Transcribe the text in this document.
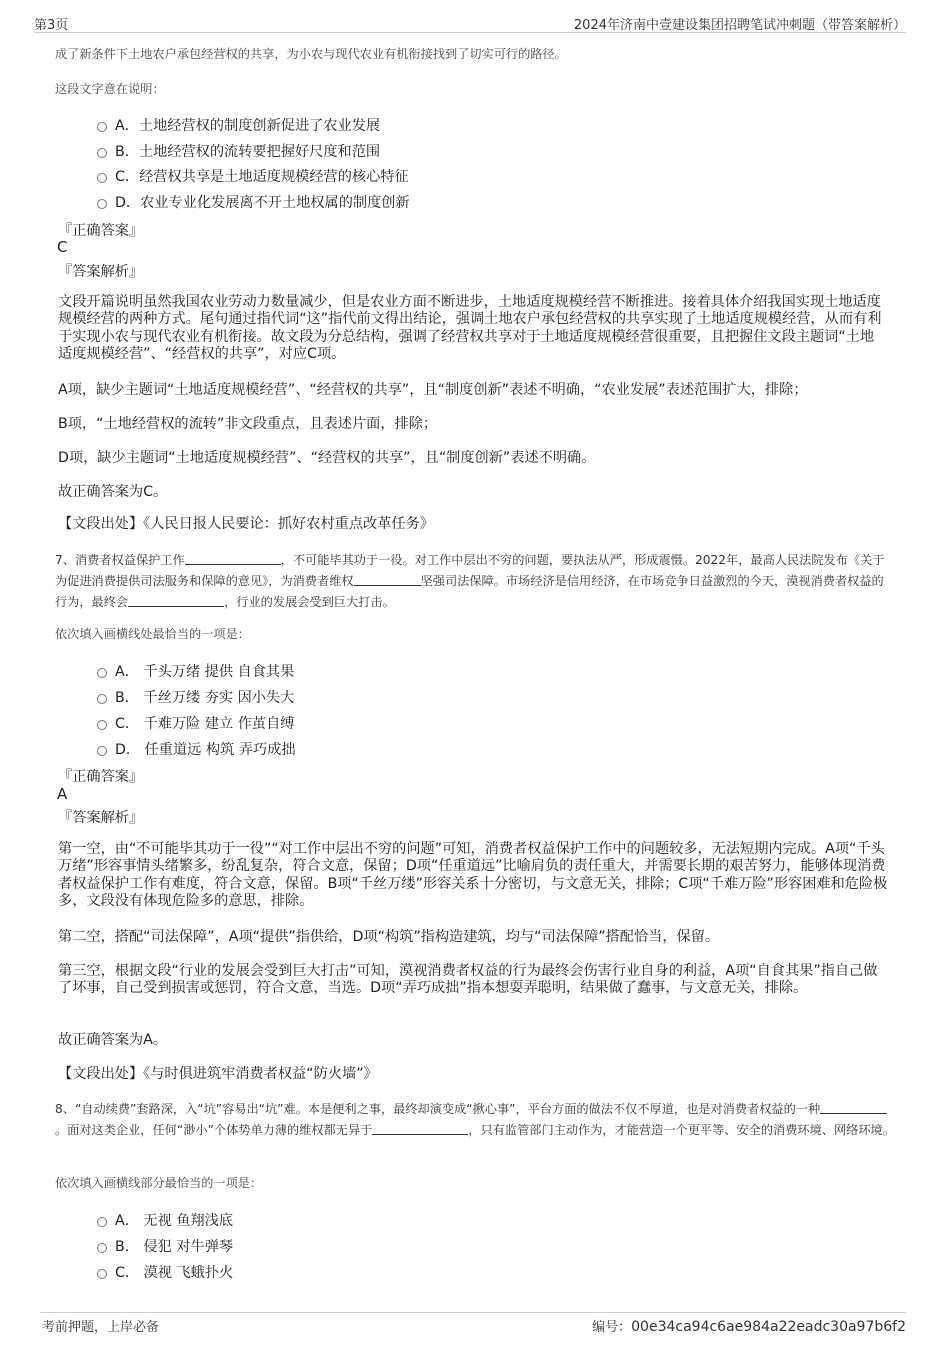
第3页	2024年济南中壹建设集团招聘笔试冲刺题（带答案解析）
成了新条件下土地农户承包经营权的共享，为小农与现代农业有机衔接找到了切实可行的路径。
这段文字意在说明：
A．土地经营权的制度创新促进了农业发展
B．土地经营权的流转要把握好尺度和范围
C．经营权共享是土地适度规模经营的核心特征
D．农业专业化发展离不开土地权属的制度创新
『正确答案』
C
『答案解析』
文段开篇说明虽然我国农业劳动力数量减少，但是农业方面不断进步，土地适度规模经营不断推进。接着具体介绍我国实现土地适度规模经营的两种方式。尾句通过指代词“这”指代前文得出结论，强调土地农户承包经营权的共享实现了土地适度规模经营，从而有利于实现小农与现代农业有机衔接。故文段为分总结构，强调了经营权共享对于土地适度规模经营很重要，且把握住文段主题词“土地适度规模经营”、“经营权的共享”，对应C项。
A项，缺少主题词“土地适度规模经营”、“经营权的共享”，且“制度创新”表述不明确，“农业发展”表述范围扩大，排除；
B项，“土地经营权的流转”非文段重点，且表述片面，排除；
D项，缺少主题词“土地适度规模经营”、“经营权的共享”，且“制度创新”表述不明确。
故正确答案为C。
【文段出处】《人民日报人民要论：抓好农村重点改革任务》
7、消费者权益保护工作	，不可能毕其功于一役。对工作中层出不穷的问题，要执法从严，形成震慑。2022年，最高人民法院发布《关于为促进消费提供司法服务和保障的意见》，为消费者维权	坚强司法保障。市场经济是信用经济，在市场竞争日益激烈的今天，漠视消费者权益的行为，最终会	，行业的发展会受到巨大打击。
依次填入画横线处最恰当的一项是：
A． 千头万绪 提供 自食其果
B． 千丝万缕 夯实 因小失大
C． 千难万险 建立 作茧自缚
D． 任重道远 构筑 弄巧成拙
『正确答案』
A
『答案解析』
第一空，由“不可能毕其功于一役”“对工作中层出不穷的问题”可知，消费者权益保护工作中的问题较多，无法短期内完成。A项“千头万绪”形容事情头绪繁多，纷乱复杂，符合文意，保留；D项“任重道远”比喻肩负的责任重大，并需要长期的艰苦努力，能够体现消费者权益保护工作有难度，符合文意，保留。B项“千丝万缕”形容关系十分密切，与文意无关，排除；C项“千难万险”形容困难和危险极多，文段没有体现危险多的意思，排除。
第二空，搭配“司法保障”，A项“提供”指供给，D项“构筑”指构造建筑，均与“司法保障”搭配恰当，保留。
第三空，根据文段“行业的发展会受到巨大打击”可知，漠视消费者权益的行为最终会伤害行业自身的利益，A项“自食其果”指自己做了坏事，自己受到损害或惩罚，符合文意，当选。D项“弄巧成拙”指本想耍弄聪明，结果做了蠢事，与文意无关，排除。
故正确答案为A。
【文段出处】《与时俱进筑牢消费者权益“防火墙”》
8、“自动续费”套路深，入“坑”容易出“坑”难。本是便利之事，最终却演变成“揪心事”，平台方面的做法不仅不厚道，也是对消费者权益的一种。面对这类企业，任何“渺小”个体势单力薄的维权都无异于	，只有监管部门主动作为，才能营造一个更平等、安全的消费环境、网络环境。
依次填入画横线部分最恰当的一项是：
A． 无视 鱼翔浅底
B． 侵犯 对牛弹琴
C． 漠视 飞蛾扑火
考前押题，上岸必备	编号：00e34ca94c6ae984a22eadc30a97b6f2
